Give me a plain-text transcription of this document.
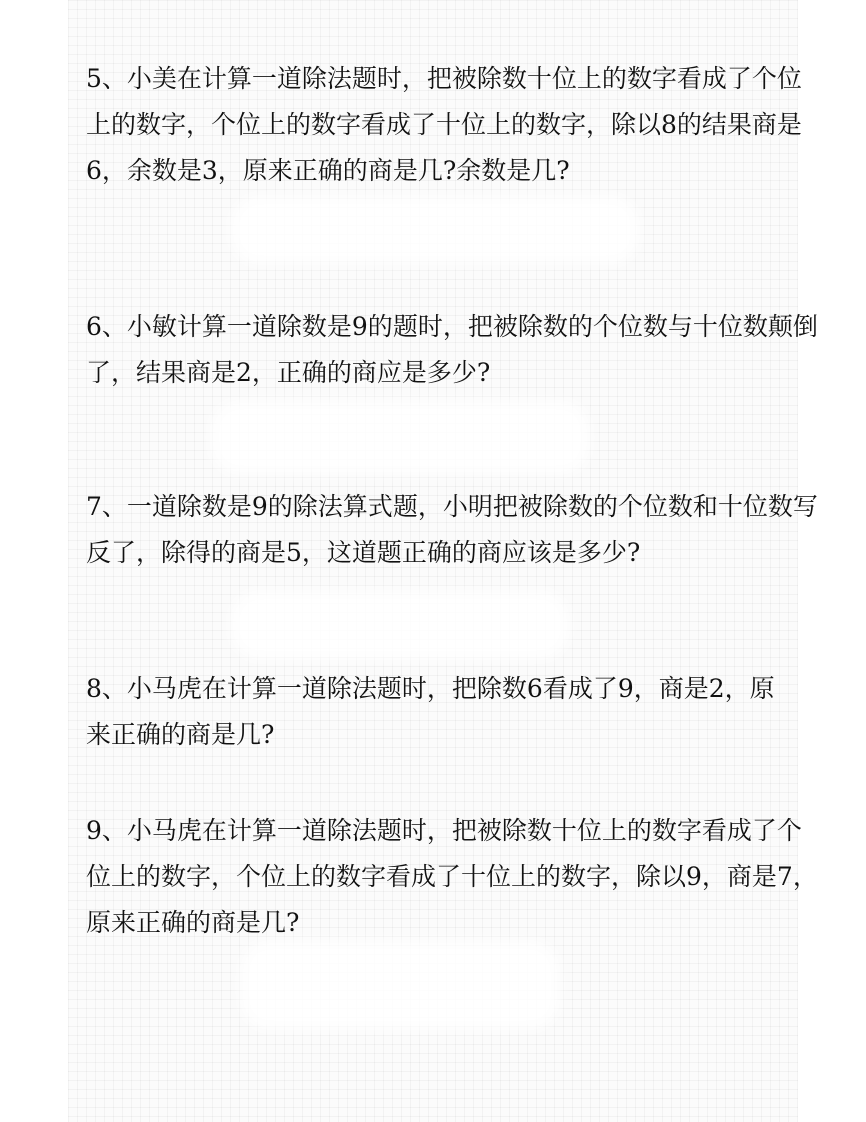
5、小美在计算一道除法题时，把被除数十位上的数字看成了个位
上的数字，个位上的数字看成了十位上的数字，除以8的结果商是
6，余数是3，原来正确的商是几?余数是几?
6、小敏计算一道除数是9的题时，把被除数的个位数与十位数颠倒
了，结果商是2，正确的商应是多少?
7、一道除数是9的除法算式题，小明把被除数的个位数和十位数写
反了，除得的商是5，这道题正确的商应该是多少?
8、小马虎在计算一道除法题时，把除数6看成了9，商是2，原
来正确的商是几?
9、小马虎在计算一道除法题时，把被除数十位上的数字看成了个
位上的数字，个位上的数字看成了十位上的数字，除以9，商是7，
原来正确的商是几?
